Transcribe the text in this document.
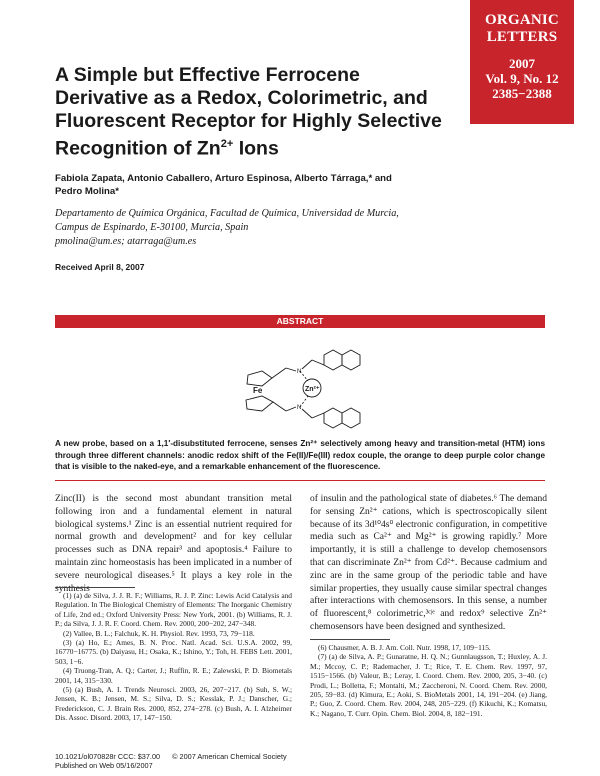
ORGANIC
LETTERS
2007
Vol. 9, No. 12
2385−2388
A Simple but Effective Ferrocene Derivative as a Redox, Colorimetric, and Fluorescent Receptor for Highly Selective Recognition of $Zn^{2+}$ Ions
Fabiola Zapata, Antonio Caballero, Arturo Espinosa, Alberto Tárraga,* and Pedro Molina*
Departamento de Química Orgánica, Facultad de Química, Universidad de Murcia,
Campus de Espinardo, E-30100, Murcia, Spain
pmolina@um.es; atarraga@um.es
Received April 8, 2007
ABSTRACT
Fe
N
N
Zn²⁺
A new probe, based on a 1,1′-disubstituted ferrocene, senses Zn²⁺ selectively among heavy and transition-metal (HTM) ions through three different channels: anodic redox shift of the Fe(II)/Fe(III) redox couple, the orange to deep purple color change that is visible to the naked-eye, and a remarkable enhancement of the fluorescence.
Zinc(II) is the second most abundant transition metal following iron and a fundamental element in natural biological systems.¹ Zinc is an essential nutrient required for normal growth and development² and for key cellular processes such as DNA repair³ and apoptosis.⁴ Failure to maintain zinc homeostasis has been implicated in a number of severe neurological diseases.⁵ It plays a key role in the synthesis
of insulin and the pathological state of diabetes.⁶ The demand for sensing Zn²⁺ cations, which is spectroscopically silent because of its 3d¹⁰4s⁰ electronic configuration, in competitive media such as Ca²⁺ and Mg²⁺ is growing rapidly.⁷ More importantly, it is still a challenge to develop chemosensors that can discriminate Zn²⁺ from Cd²⁺. Because cadmium and zinc are in the same group of the periodic table and have similar properties, they usually cause similar spectral changes after interactions with chemosensors. In this sense, a number of fluorescent,⁸ colorimetric,³ᶜʲᵉ and redox⁹ selective Zn²⁺ chemosensors have been designed and synthesized.

(1) (a) de Silva, J. J. R. F.; Williams, R. J. P. Zinc: Lewis Acid Catalysis and Regulation. In The Biological Chemistry of Elements: The Inorganic Chemistry of Life, 2nd ed.; Oxford University Press: New York, 2001. (b) Williams, R. J. P.; da Silva, J. J. R. F. Coord. Chem. Rev. 2000, 200−202, 247−348.

(2) Vallee, B. L.; Falchuk, K. H. Physiol. Rev. 1993, 73, 79−118.

(3) (a) Ho, E.; Ames, B. N. Proc. Natl. Acad. Sci. U.S.A. 2002, 99, 16770−16775. (b) Daiyasu, H.; Osaka, K.; Ishino, Y.; Toh, H. FEBS Lett. 2001, 503, 1−6.

(4) Truong-Tran, A. Q.; Carter, J.; Ruffin, R. E.; Zalewski, P. D. Biometals 2001, 14, 315−330.

(5) (a) Bush, A. I. Trends Neurosci. 2003, 26, 207−217. (b) Suh, S. W.; Jensen, K. B.; Jensen, M. S.; Silva, D. S.; Kesslak, P. J.; Danscher, G.; Frederickson, C. J. Brain Res. 2000, 852, 274−278. (c) Bush, A. I. Alzheimer Dis. Assoc. Disord. 2003, 17, 147−150.

(6) Chausmer, A. B. J. Am. Coll. Nutr. 1998, 17, 109−115.

(7) (a) de Silva, A. P.; Gunaratne, H. Q. N.; Gunnlaugsson, T.; Huxley, A. J. M.; Mccoy, C. P.; Rademacher, J. T.; Rice, T. E. Chem. Rev. 1997, 97, 1515−1566. (b) Valeur, B.; Leray, I. Coord. Chem. Rev. 2000, 205, 3−40. (c) Prodi, L.; Bolletta, F.; Montalti, M.; Zaccheroni, N. Coord. Chem. Rev. 2000, 205, 59−83. (d) Kimura, E.; Aoki, S. BioMetals 2001, 14, 191−204. (e) Jiang, P.; Guo, Z. Coord. Chem. Rev. 2004, 248, 205−229. (f) Kikuchi, K.; Komatsu, K.; Nagano, T. Curr. Opin. Chem. Biol. 2004, 8, 182−191.

10.1021/ol070828r CCC: $37.00 © 2007 American Chemical Society
Published on Web 05/16/2007
